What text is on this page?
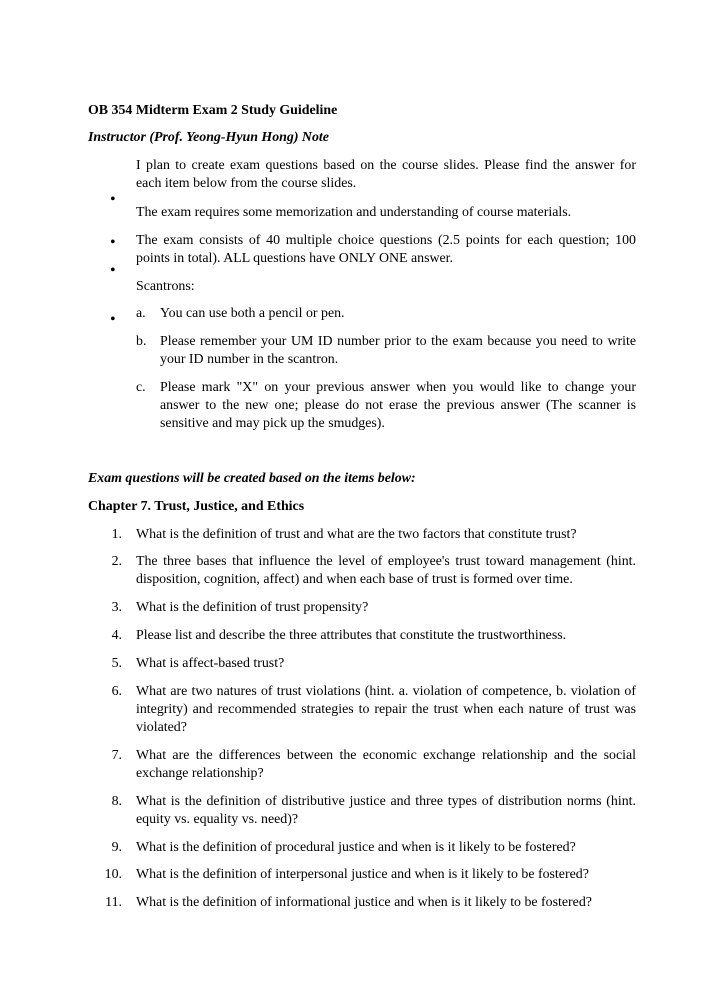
OB 354 Midterm Exam 2 Study Guideline
Instructor (Prof. Yeong-Hyun Hong) Note
•
•
•
•
I plan to create exam questions based on the course slides. Please find the answer for each item below from the course slides.
The exam requires some memorization and understanding of course materials.
The exam consists of 40 multiple choice questions (2.5 points for each question; 100 points in total). ALL questions have ONLY ONE answer.
Scantrons:
a. You can use both a pencil or pen.
b. Please remember your UM ID number prior to the exam because you need to write your ID number in the scantron.
c. Please mark "X" on your previous answer when you would like to change your answer to the new one; please do not erase the previous answer (The scanner is sensitive and may pick up the smudges).
Exam questions will be created based on the items below:
Chapter 7. Trust, Justice, and Ethics
1. What is the definition of trust and what are the two factors that constitute trust?
2. The three bases that influence the level of employee's trust toward management (hint. disposition, cognition, affect) and when each base of trust is formed over time.
3. What is the definition of trust propensity?
4. Please list and describe the three attributes that constitute the trustworthiness.
5. What is affect-based trust?
6. What are two natures of trust violations (hint. a. violation of competence, b. violation of integrity) and recommended strategies to repair the trust when each nature of trust was violated?
7. What are the differences between the economic exchange relationship and the social exchange relationship?
8. What is the definition of distributive justice and three types of distribution norms (hint. equity vs. equality vs. need)?
9. What is the definition of procedural justice and when is it likely to be fostered?
10. What is the definition of interpersonal justice and when is it likely to be fostered?
11. What is the definition of informational justice and when is it likely to be fostered?
